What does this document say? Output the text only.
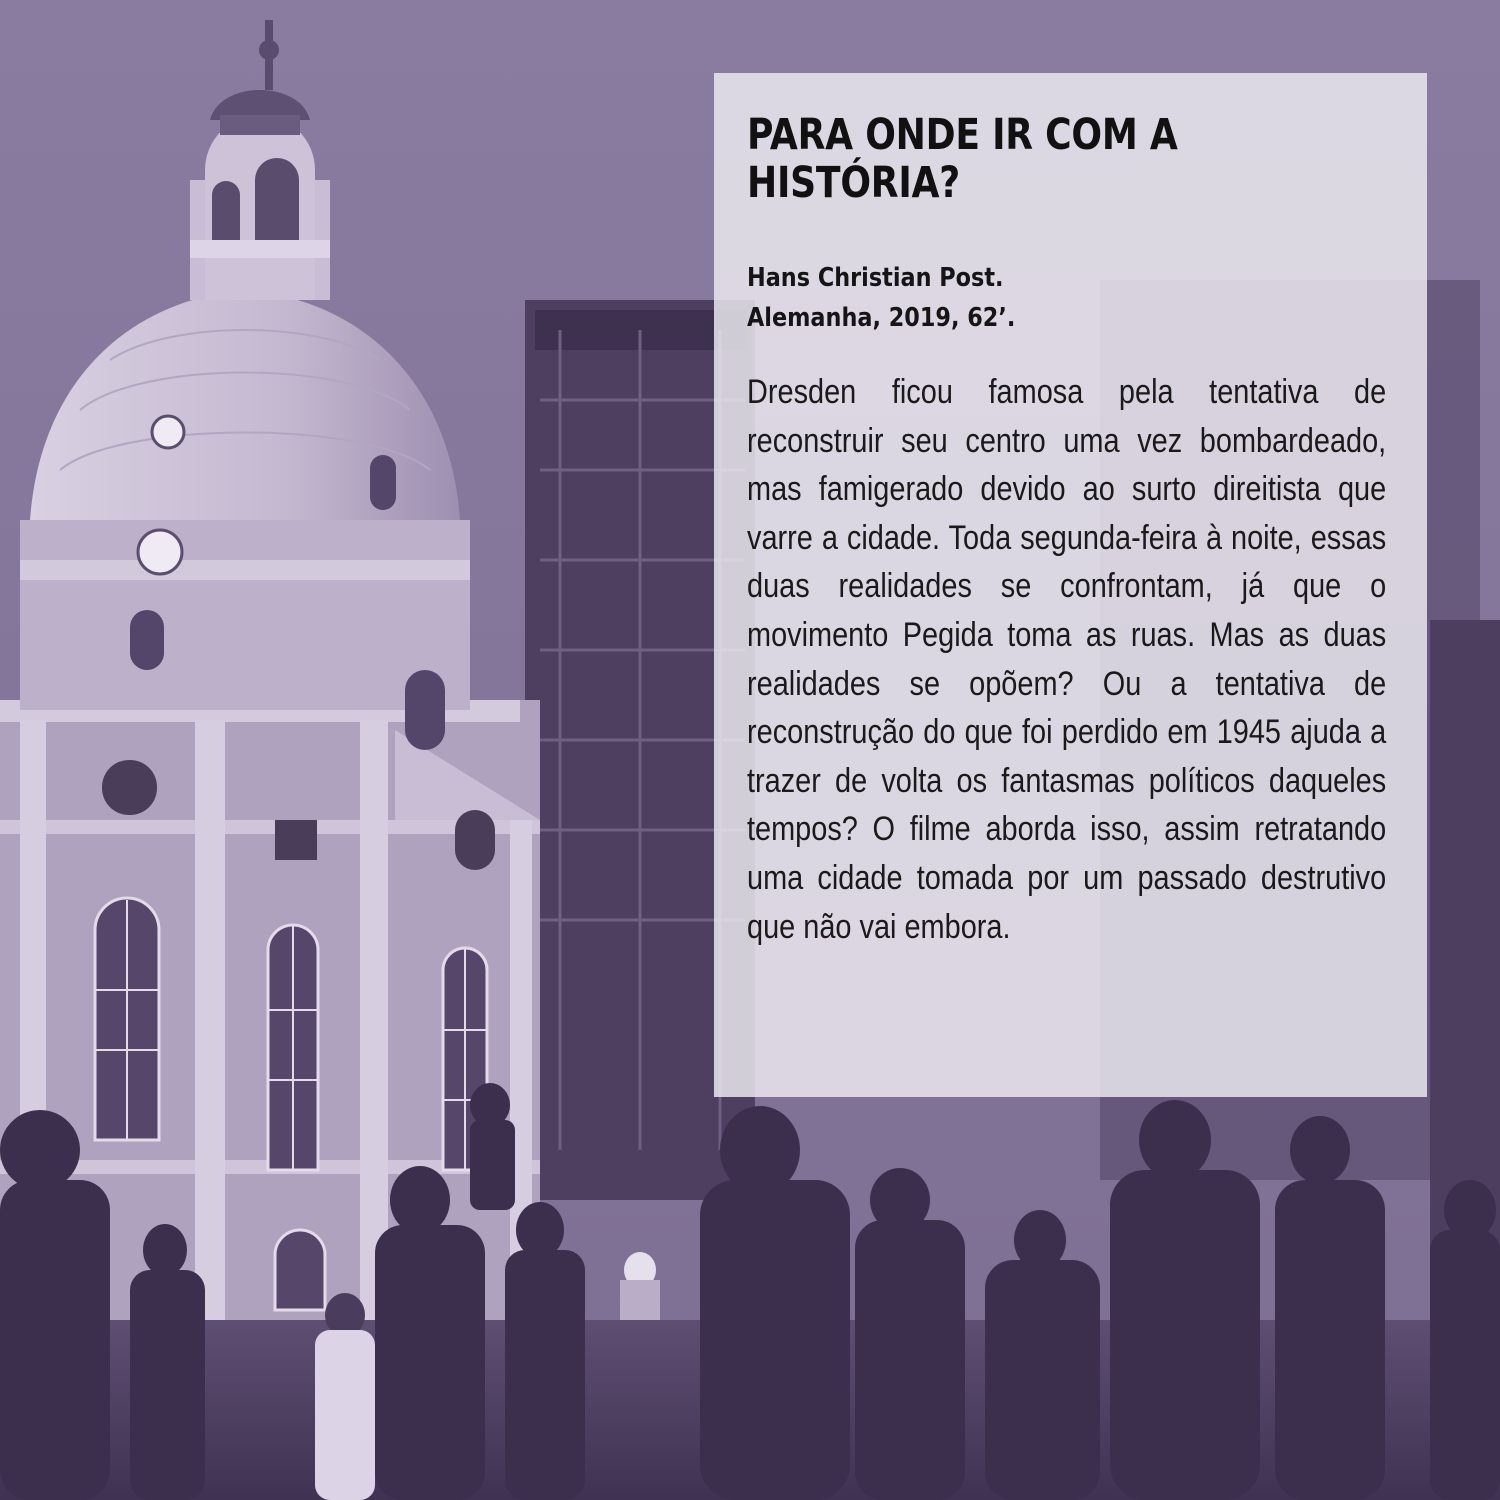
PARA ONDE IR COM A HISTÓRIA?
Hans Christian Post.
Alemanha, 2019, 62’.

Dresden ficou famosa pela tentativa de reconstruir seu centro uma vez bombardeado, mas famigerado devido ao surto direitista que varre a cidade. Toda segunda-feira à noite, essas duas realidades se confrontam, já que o movimento Pegida toma as ruas. Mas as duas realidades se opõem? Ou a tentativa de reconstrução do que foi perdido em 1945 ajuda a trazer de volta os fantasmas políticos daqueles tempos? O filme aborda isso, assim retratando uma cidade tomada por um passado destrutivo que não vai embora.
